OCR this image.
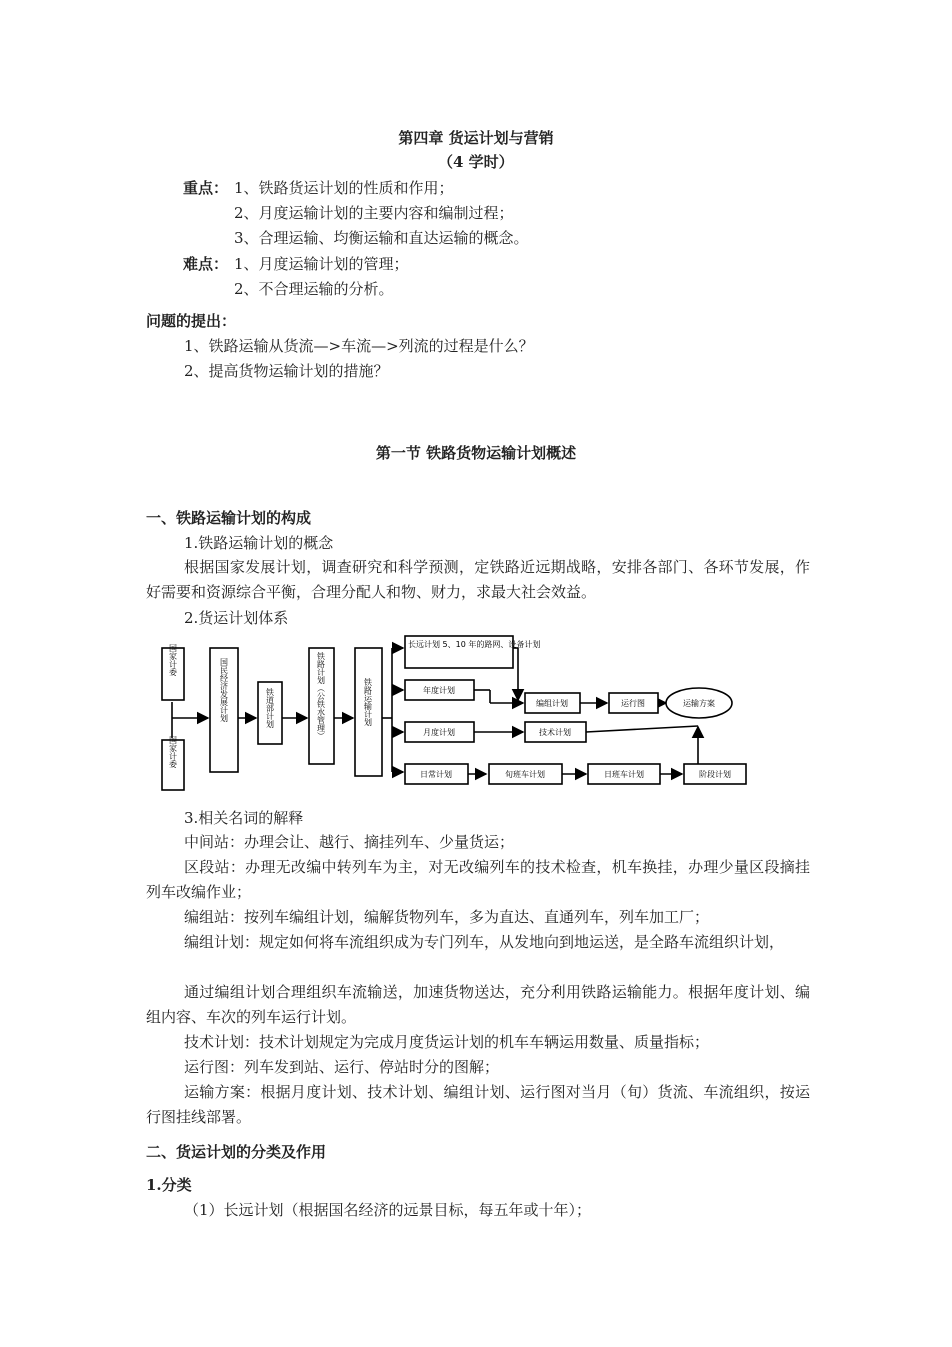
第四章 货运计划与营销
（4 学时）
重点： 1、铁路货运计划的性质和作用；
2、月度运输计划的主要内容和编制过程；
3、合理运输、均衡运输和直达运输的概念。
难点： 1、月度运输计划的管理；
2、不合理运输的分析。
问题的提出：
1、铁路运输从货流—>车流—>列流的过程是什么？
2、提高货物运输计划的措施？
第一节 铁路货物运输计划概述
一、铁路运输计划的构成
1.铁路运输计划的概念
根据国家发展计划，调查研究和科学预测，定铁路近远期战略，安排各部门、各环节发展，作好需要和资源综合平衡，合理分配人和物、财力，求最大社会效益。
2.货运计划体系
国家计委
国家计委
国民经济发展计划	铁道部计划	铁路计划（公铁水管理）	铁路运输计划
长远计划 5、10 年的路网、设备计划
年度计划
月度计划
日常计划
编组计划	运行图	运输方案
技术计划
旬班车计划	日班车计划	阶段计划
3.相关名词的解释
中间站：办理会让、越行、摘挂列车、少量货运；
区段站：办理无改编中转列车为主，对无改编列车的技术检查，机车换挂，办理少量区段摘挂列车改编作业；
编组站：按列车编组计划，编解货物列车，多为直达、直通列车，列车加工厂；
编组计划：规定如何将车流组织成为专门列车，从发地向到地运送，是全路车流组织计划，
通过编组计划合理组织车流输送，加速货物送达，充分利用铁路运输能力。根据年度计划、编组内容、车次的列车运行计划。
技术计划：技术计划规定为完成月度货运计划的机车车辆运用数量、质量指标；
运行图：列车发到站、运行、停站时分的图解；
运输方案：根据月度计划、技术计划、编组计划、运行图对当月（旬）货流、车流组织，按运行图挂线部署。
二、货运计划的分类及作用
1.分类
（1）长远计划（根据国名经济的远景目标，每五年或十年）；
